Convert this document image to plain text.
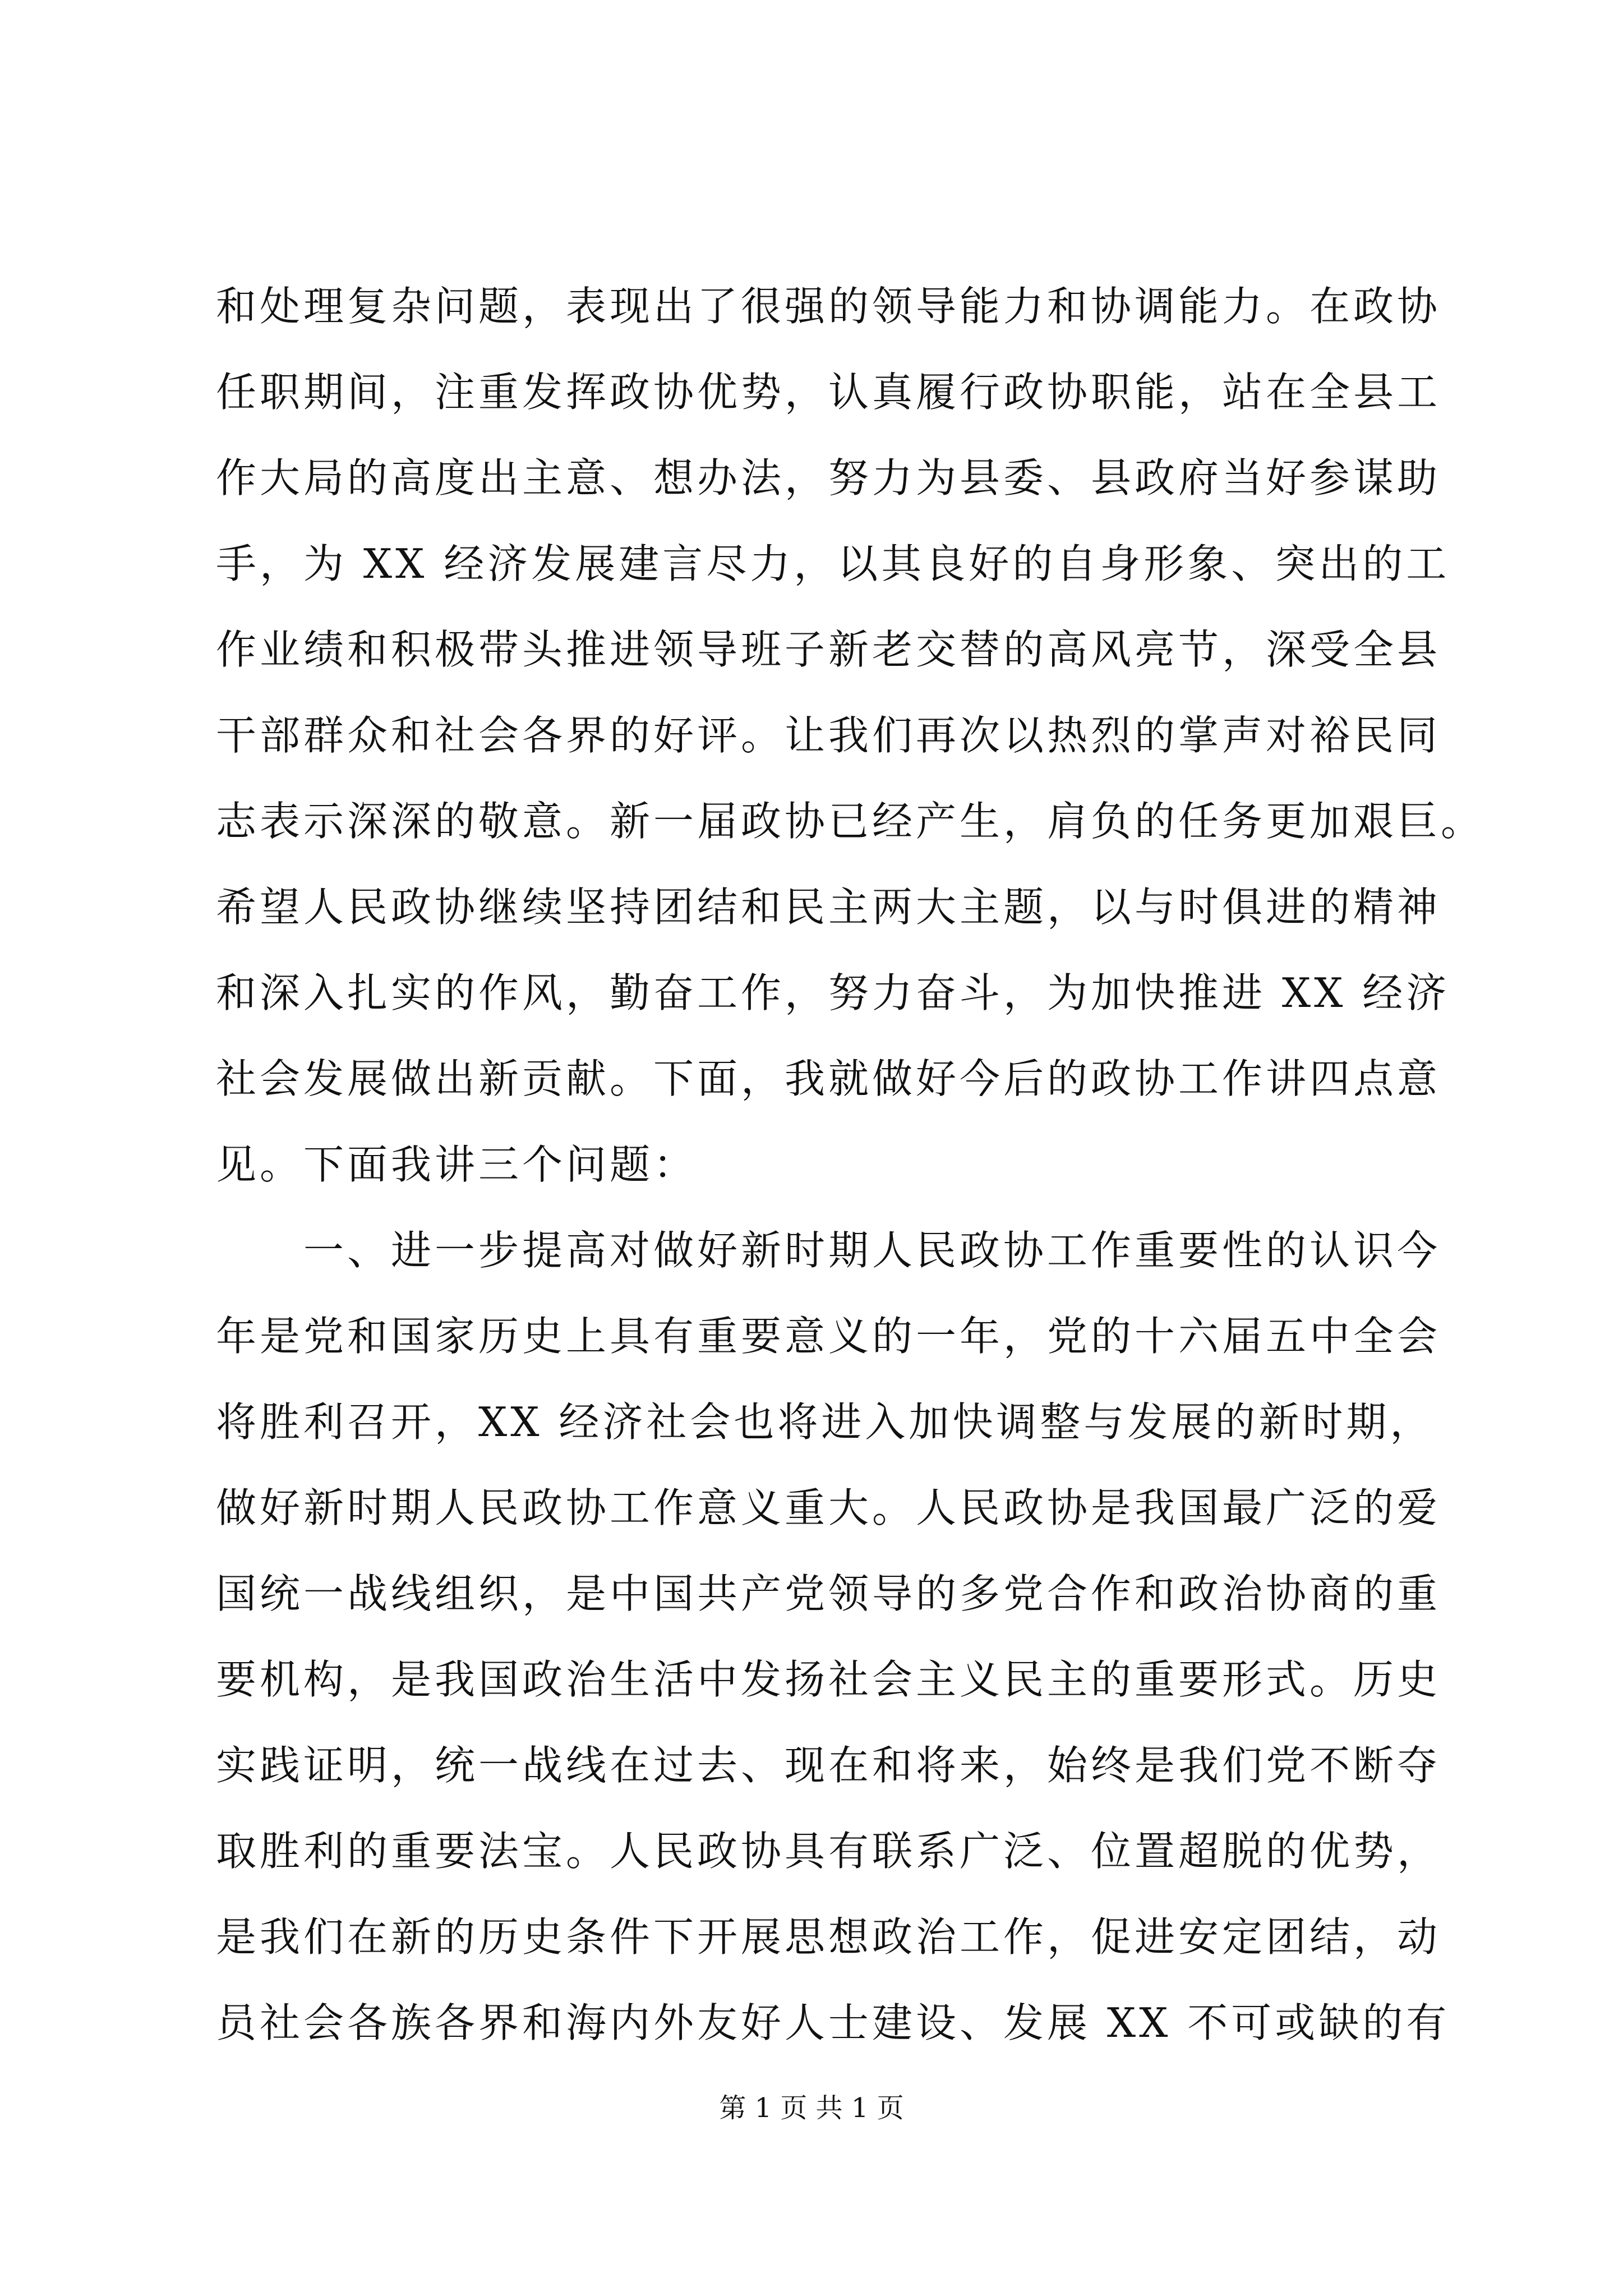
和处理复杂问题，表现出了很强的领导能力和协调能力。在政协
任职期间，注重发挥政协优势，认真履行政协职能，站在全县工
作大局的高度出主意、想办法，努力为县委、县政府当好参谋助
手，为 XX 经济发展建言尽力，以其良好的自身形象、突出的工
作业绩和积极带头推进领导班子新老交替的高风亮节，深受全县
干部群众和社会各界的好评。让我们再次以热烈的掌声对裕民同
志表示深深的敬意。新一届政协已经产生，肩负的任务更加艰巨。
希望人民政协继续坚持团结和民主两大主题，以与时俱进的精神
和深入扎实的作风，勤奋工作，努力奋斗，为加快推进 XX 经济
社会发展做出新贡献。下面，我就做好今后的政协工作讲四点意
见。下面我讲三个问题：
　　一、进一步提高对做好新时期人民政协工作重要性的认识今
年是党和国家历史上具有重要意义的一年，党的十六届五中全会
将胜利召开，XX 经济社会也将进入加快调整与发展的新时期，
做好新时期人民政协工作意义重大。人民政协是我国最广泛的爱
国统一战线组织，是中国共产党领导的多党合作和政治协商的重
要机构，是我国政治生活中发扬社会主义民主的重要形式。历史
实践证明，统一战线在过去、现在和将来，始终是我们党不断夺
取胜利的重要法宝。人民政协具有联系广泛、位置超脱的优势，
是我们在新的历史条件下开展思想政治工作，促进安定团结，动
员社会各族各界和海内外友好人士建设、发展 XX 不可或缺的有
第 1 页 共 1 页
